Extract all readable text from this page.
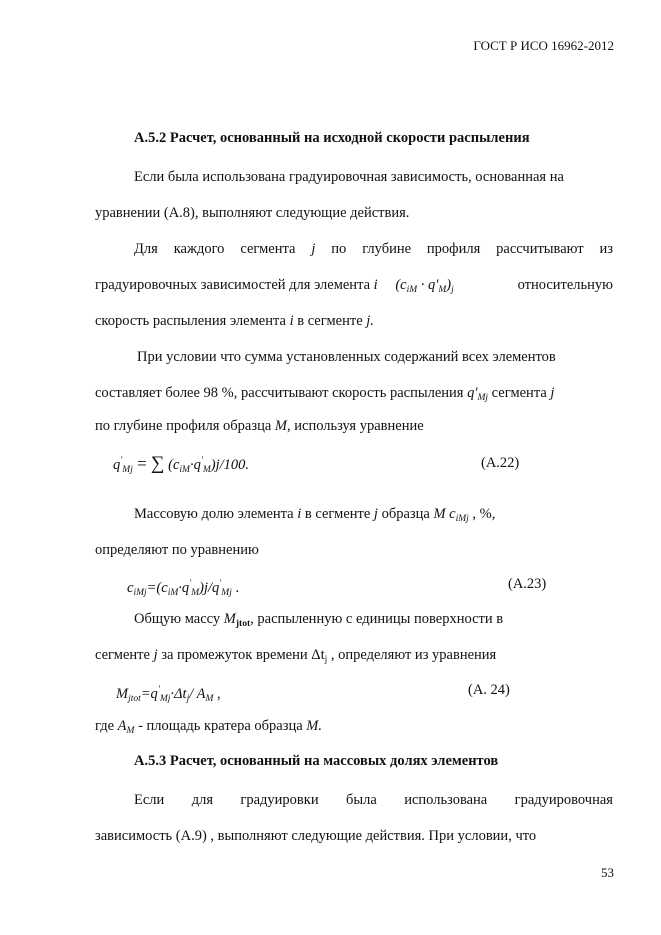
ГОСТ Р ИСО 16962-2012
А.5.2 Расчет, основанный на исходной скорости распыления
Если была использована градуировочная зависимость, основанная на
уравнении (А.8), выполняют следующие действия.
Для каждого сегмента j по глубине профиля рассчитывают из
градуировочных зависимостей для элемента i $(c_{iM} \cdot q'_M)_j$	относительную
скорость распыления элемента i в сегменте j.
При условии что сумма установленных содержаний всех элементов
составляет более 98 %, рассчитывают скорость распыления $q'_{Mj}$ сегмента j
по глубине профиля образца M, используя уравнение
$q'_{Mj}$ = ∑ $(c_{iM}\cdot q'_M)j/100$.	(А.22)
Массовую долю элемента i в сегменте j образца M $c_{iMj}$ , %,
определяют по уравнению
$c_{iMj}=(c_{iM}\cdot q'_M)j/q'_{Mj}$ .	(А.23)
Общую массу $M_{jtot}$, распыленную с единицы поверхности в
сегменте j за промежуток времени $\Delta t_j$ , определяют из уравнения
$M_{jtot}=q'_{Mj}\cdot\Delta t_j/$ $A_M$ ,	(А. 24)
где $A_M$ - площадь кратера образца M.
А.5.3 Расчет, основанный на массовых долях элементов
Если для градуировки была использована градуировочная
зависимость (А.9) , выполняют следующие действия. При условии, что
53
